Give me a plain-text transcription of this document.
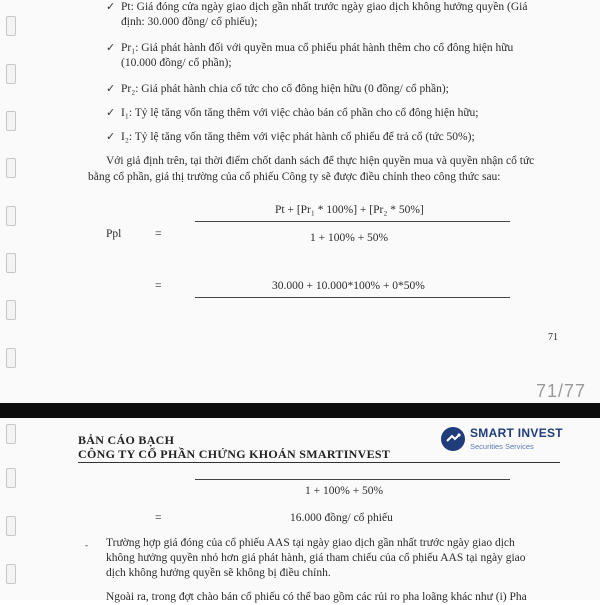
✓ Pt: Giá đóng cửa ngày giao dịch gần nhất trước ngày giao dịch không hưởng quyền (Giá
định: 30.000 đồng/ cổ phiếu);
✓ Pr₁: Giá phát hành đối với quyền mua cổ phiếu phát hành thêm cho cổ đông hiện hữu
(10.000 đồng/ cổ phần);
✓ Pr₂: Giá phát hành chia cổ tức cho cổ đông hiện hữu (0 đồng/ cổ phần);
✓ I₁: Tỷ lệ tăng vốn tăng thêm với việc chào bán cổ phần cho cổ đông hiện hữu;
✓ I₂: Tỷ lệ tăng vốn tăng thêm với việc phát hành cổ phiếu để trả cổ (tức 50%);
Với giả định trên, tại thời điểm chốt danh sách để thực hiện quyền mua và quyền nhận cổ tức
bằng cổ phần, giá thị trường của cổ phiếu Công ty sẽ được điều chỉnh theo công thức sau:
Ppl	=
Pt + [Pr₁ * 100%] + [Pr₂ * 50%]
1 + 100% + 50%
=	30.000 + 10.000*100% + 0*50%
71
71/77
BẢN CÁO BẠCH
CÔNG TY CỔ PHẦN CHỨNG KHOÁN SMARTINVEST
SMART INVEST
Securities Services
1 + 100% + 50%
=	16.000 đồng/ cổ phiếu
- Trường hợp giá đóng của cổ phiếu AAS tại ngày giao dịch gần nhất trước ngày giao dịch
không hưởng quyền nhỏ hơn giá phát hành, giá tham chiếu của cổ phiếu AAS tại ngày giao
dịch không hưởng quyền sẽ không bị điều chỉnh.
Ngoài ra, trong đợt chào bán cổ phiếu có thể bao gồm các rủi ro pha loãng khác như (i) Pha
